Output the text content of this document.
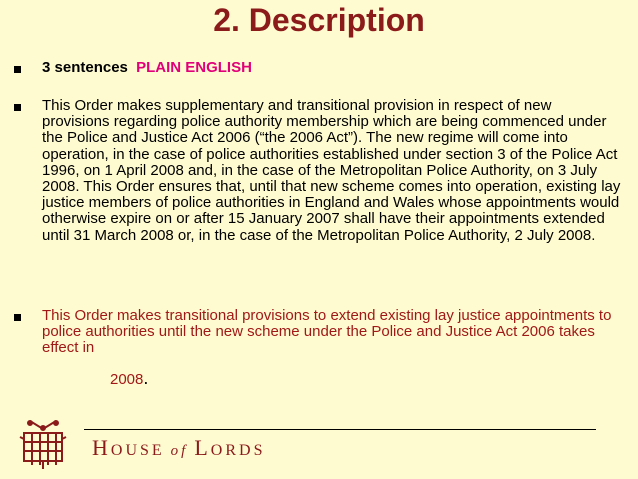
2. Description
3 sentences PLAIN ENGLISH
This Order makes supplementary and transitional provision in respect of new provisions regarding police authority membership which are being commenced under the Police and Justice Act 2006 (“the 2006 Act”). The new regime will come into operation, in the case of police authorities established under section 3 of the Police Act 1996, on 1 April 2008 and, in the case of the Metropolitan Police Authority, on 3 July 2008. This Order ensures that, until that new scheme comes into operation, existing lay justice members of police authorities in England and Wales whose appointments would otherwise expire on or after 15 January 2007 shall have their appointments extended until 31 March 2008 or, in the case of the Metropolitan Police Authority, 2 July 2008.
This Order makes transitional provisions to extend existing lay justice appointments to police authorities until the new scheme under the Police and Justice Act 2006 takes effect in
2008.
HOUSE of LORDS
